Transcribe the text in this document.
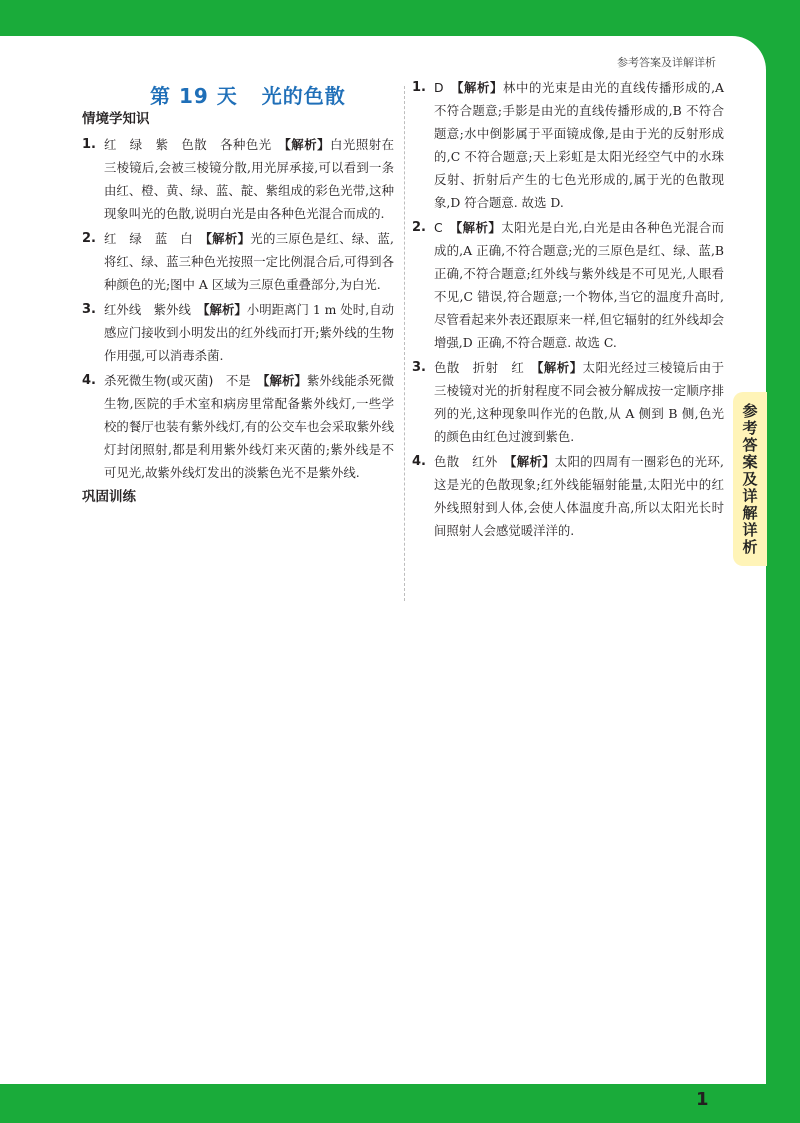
参考答案及详解详析
第 19 天 光的色散
情境学知识
1. 红　绿　紫　色散　各种色光　【解析】白光照射在三棱镜后,会被三棱镜分散,用光屏承接,可以看到一条由红、橙、黄、绿、蓝、靛、紫组成的彩色光带,这种现象叫光的色散,说明白光是由各种色光混合而成的.
2. 红　绿　蓝　白　【解析】光的三原色是红、绿、蓝,将红、绿、蓝三种色光按照一定比例混合后,可得到各种颜色的光;图中 A 区域为三原色重叠部分,为白光.
3. 红外线　紫外线　【解析】小明距离门 1 m 处时,自动感应门接收到小明发出的红外线而打开;紫外线的生物作用强,可以消毒杀菌.
4. 杀死微生物(或灭菌)　不是　【解析】紫外线能杀死微生物,医院的手术室和病房里常配备紫外线灯,一些学校的餐厅也装有紫外线灯,有的公交车也会采取紫外线灯封闭照射,都是利用紫外线灯来灭菌的;紫外线是不可见光,故紫外线灯发出的淡紫色光不是紫外线.
巩固训练
1. D　【解析】林中的光束是由光的直线传播形成的,A 不符合题意;手影是由光的直线传播形成的,B 不符合题意;水中倒影属于平面镜成像,是由于光的反射形成的,C 不符合题意;天上彩虹是太阳光经空气中的水珠反射、折射后产生的七色光形成的,属于光的色散现象,D 符合题意. 故选 D.
2. C　【解析】太阳光是白光,白光是由各种色光混合而成的,A 正确,不符合题意;光的三原色是红、绿、蓝,B 正确,不符合题意;红外线与紫外线是不可见光,人眼看不见,C 错误,符合题意;一个物体,当它的温度升高时,尽管看起来外表还跟原来一样,但它辐射的红外线却会增强,D 正确,不符合题意. 故选 C.
3. 色散　折射　红　【解析】太阳光经过三棱镜后由于三棱镜对光的折射程度不同会被分解成按一定顺序排列的光,这种现象叫作光的色散,从 A 侧到 B 侧,色光的颜色由红色过渡到紫色.
4. 色散　红外　【解析】太阳的四周有一圈彩色的光环,这是光的色散现象;红外线能辐射能量,太阳光中的红外线照射到人体,会使人体温度升高,所以太阳光长时间照射人会感觉暖洋洋的.
1
参考答案及详解详析
